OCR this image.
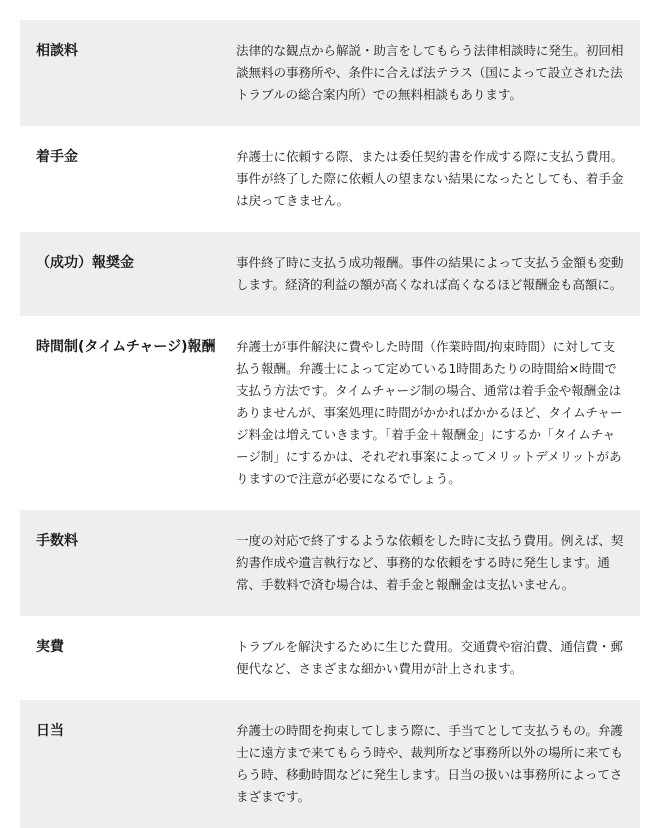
相談料	法律的な観点から解説・助言をしてもらう法律相談時に発生。初回相談無料の事務所や、条件に合えば法テラス（国によって設立された法トラブルの総合案内所）での無料相談もあります。
着手金	弁護士に依頼する際、または委任契約書を作成する際に支払う費用。事件が終了した際に依頼人の望まない結果になったとしても、着手金は戻ってきません。
（成功）報奨金	事件終了時に支払う成功報酬。事件の結果によって支払う金額も変動します。経済的利益の額が高くなれば高くなるほど報酬金も高額に。
時間制(タイムチャージ)報酬	弁護士が事件解決に費やした時間（作業時間/拘束時間）に対して支払う報酬。弁護士によって定めている1時間あたりの時間給×時間で支払う方法です。タイムチャージ制の場合、通常は着手金や報酬金はありませんが、事案処理に時間がかかればかかるほど、タイムチャージ料金は増えていきます。「着手金＋報酬金」にするか「タイムチャージ制」にするかは、それぞれ事案によってメリットデメリットがありますので注意が必要になるでしょう。
手数料	一度の対応で終了するような依頼をした時に支払う費用。例えば、契約書作成や遺言執行など、事務的な依頼をする時に発生します。通常、手数料で済む場合は、着手金と報酬金は支払いません。
実費	トラブルを解決するために生じた費用。交通費や宿泊費、通信費・郵便代など、さまざまな細かい費用が計上されます。
日当	弁護士の時間を拘束してしまう際に、手当てとして支払うもの。弁護士に遠方まで来てもらう時や、裁判所など事務所以外の場所に来てもらう時、移動時間などに発生します。日当の扱いは事務所によってさまざまです。
